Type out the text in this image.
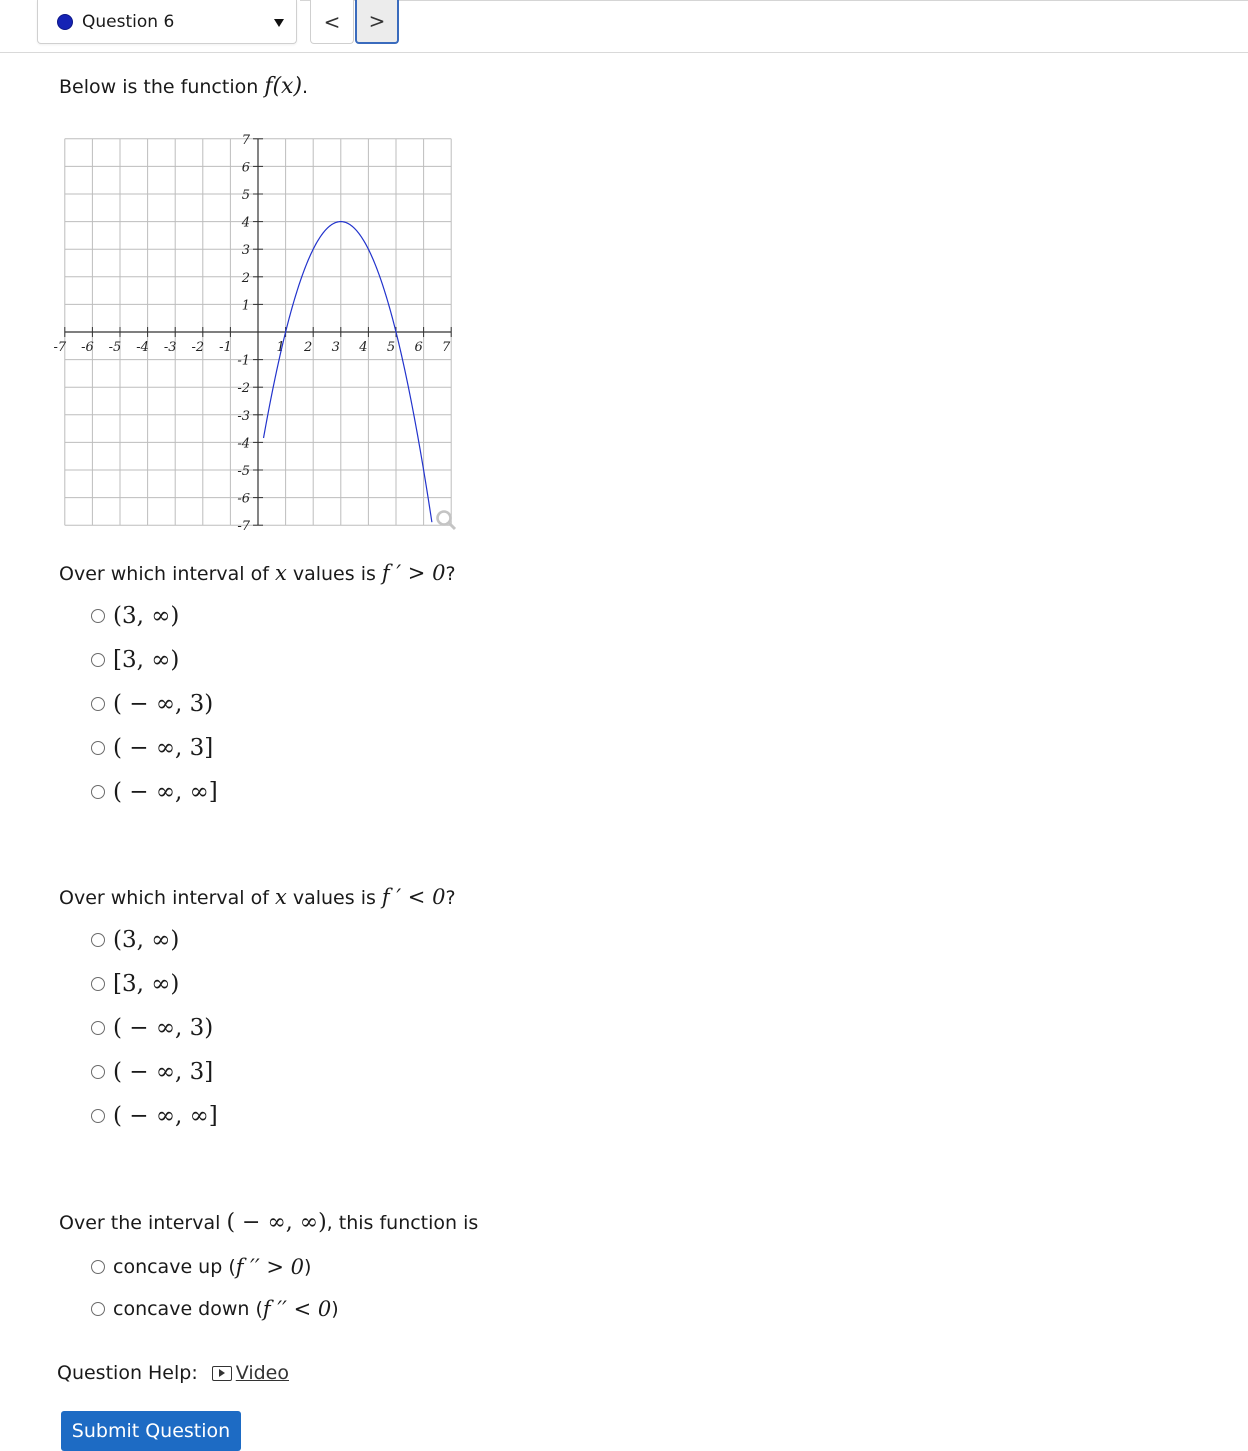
Question 6	<	>
Below is the function f(x).
-7 -6 -5 -4 -3 -2 -1	1 2 3 4 5 6 7
7
6
5
4
3
2
1
-1
-2
-3
-4
-5
-6
-7
Over which interval of x values is f ′ > 0?
(3, ∞)
[3, ∞)
( − ∞, 3)
( − ∞, 3]
( − ∞, ∞]
Over which interval of x values is f ′ < 0?
(3, ∞)
[3, ∞)
( − ∞, 3)
( − ∞, 3]
( − ∞, ∞]
Over the interval ( − ∞, ∞), this function is
concave up ( f ′′ > 0 )
concave down ( f ′′ < 0 )
Question Help: Video
Submit Question
